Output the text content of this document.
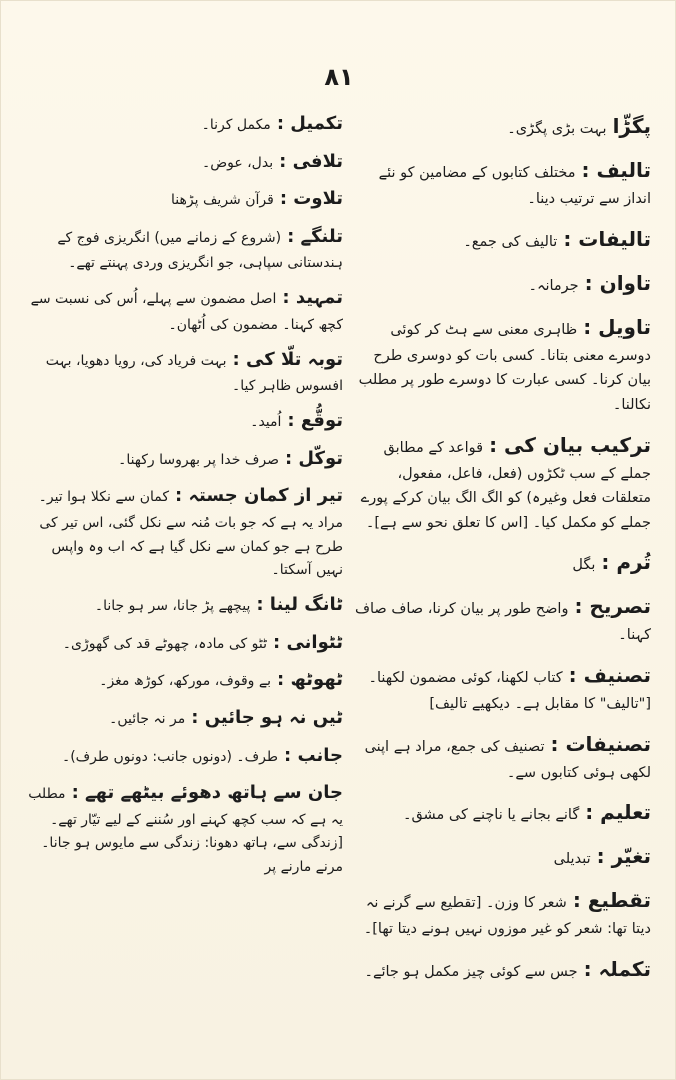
۸۱

پگڑّابہت بڑی پگڑی۔

تالیف :مختلف کتابوں کے مضامین کو نئے انداز سے ترتیب دینا۔

تالیفات :تالیف کی جمع۔

تاوان :جرمانہ۔

تاویل :ظاہری معنی سے ہٹ کر کوئی دوسرے معنی بتانا۔ کسی بات کو دوسری طرح بیان کرنا۔ کسی عبارت کا دوسرے طور پر مطلب نکالنا۔

ترکیب بیان کی :قواعد کے مطابق جملے کے سب ٹکڑوں (فعل، فاعل، مفعول، متعلقات فعل وغیرہ) کو الگ الگ بیان کرکے پورے جملے کو مکمل کیا۔ [اس کا تعلق نحو سے ہے]۔

تُرم :بگل

تصریح :واضح طور پر بیان کرنا، صاف صاف کہنا۔

تصنیف :کتاب لکھنا، کوئی مضمون لکھنا۔ ["تالیف" کا مقابل ہے۔ دیکھیے تالیف]

تصنیفات :تصنیف کی جمع، مراد ہے اپنی لکھی ہوئی کتابوں سے۔

تعلیم :گانے بجانے یا ناچنے کی مشق۔

تغیّر :تبدیلی

تقطیع :شعر کا وزن۔ [تقطیع سے گرنے نہ دیتا تھا: شعر کو غیر موزوں نہیں ہونے دیتا تھا]۔

تکملہ :جس سے کوئی چیز مکمل ہو جائے۔

تکمیل :مکمل کرنا۔

تلافی :بدل، عوض۔

تلاوت :قرآن شریف پڑھنا

تلنگے :(شروع کے زمانے میں) انگریزی فوج کے ہندستانی سپاہی، جو انگریزی وردی پہنتے تھے۔

تمہید :اصل مضمون سے پہلے، اُس کی نسبت سے کچھ کہنا۔ مضمون کی اُٹھان۔

توبہ تلّا کی :بہت فریاد کی، رویا دھویا، بہت افسوس ظاہر کیا۔

توقُّع :اُمید۔

توکّل :صرف خدا پر بھروسا رکھنا۔

تیر از کمان جستہ :کمان سے نکلا ہوا تیر۔ مراد یہ ہے کہ جو بات مُنہ سے نکل گئی، اس تیر کی طرح ہے جو کمان سے نکل گیا ہے کہ اب وہ واپس نہیں آسکتا۔

ٹانگ لینا :پیچھے پڑ جانا، سر ہو جانا۔

ٹٹوانی :ٹٹو کی مادہ، چھوٹے قد کی گھوڑی۔

ٹھوٹھ :بے وقوف، مورکھ، کوڑھ مغز۔

ٹیں نہ ہو جائیں :مر نہ جائیں۔

جانب :طرف۔ (دونوں جانب: دونوں طرف)۔

جان سے ہاتھ دھوئے بیٹھے تھے :مطلب یہ ہے کہ سب کچھ کہنے اور سُننے کے لیے تیّار تھے۔ [زندگی سے، ہاتھ دھونا: زندگی سے مایوس ہو جانا۔ مرنے مارنے پر
